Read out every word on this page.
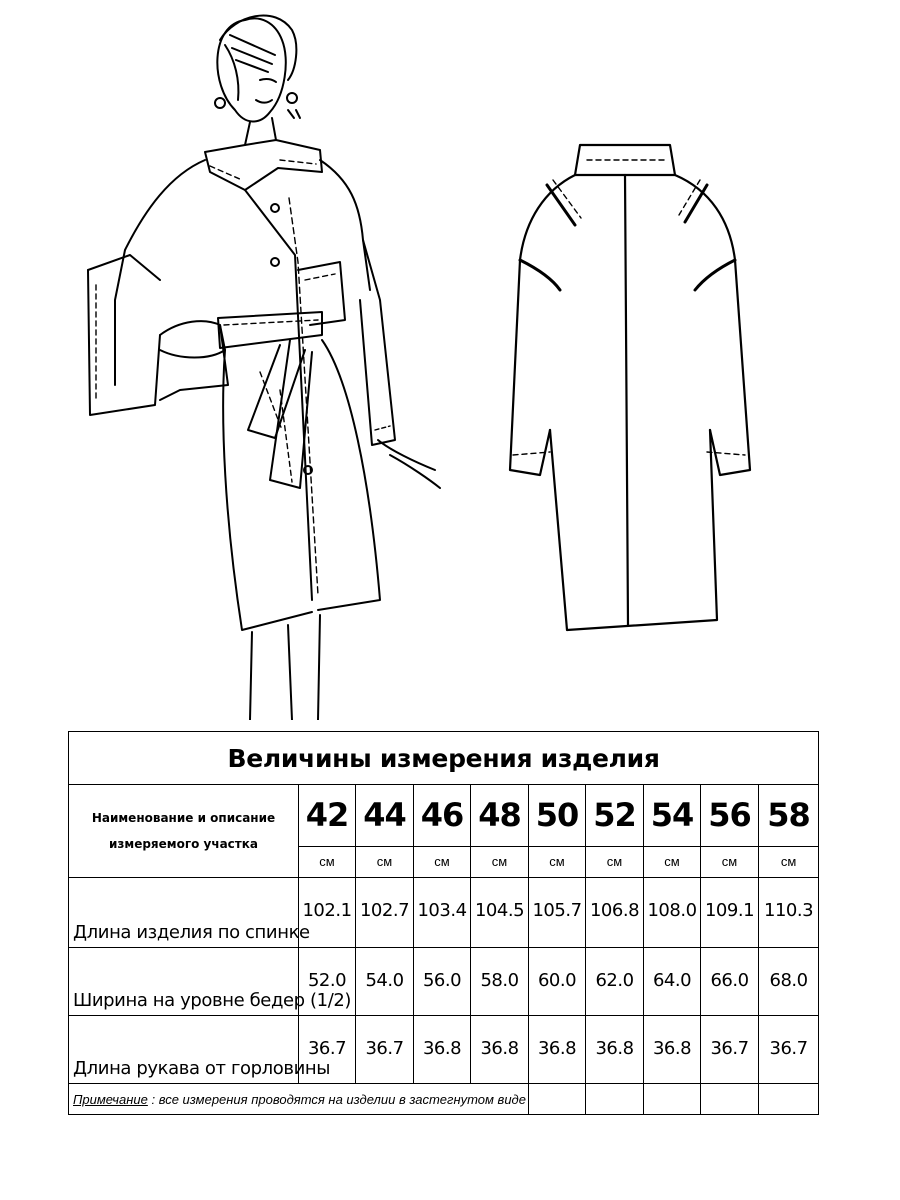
Величины измерения изделия									

Наименование и описание
измеряемого участка	42	44	46	48	50	52	54	56	58
	см	см	см	см	см	см	см	см	см
Длина изделия по спинке	102.1	102.7	103.4	104.5	105.7	106.8	108.0	109.1	110.3
Ширина на уровне бедер (1/2)	52.0	54.0	56.0	58.0	60.0	62.0	64.0	66.0	68.0
Длина рукава от горловины	36.7	36.7	36.8	36.8	36.8	36.8	36.8	36.7	36.7
Примечание : все измерения проводятся на изделии в застегнутом виде									
